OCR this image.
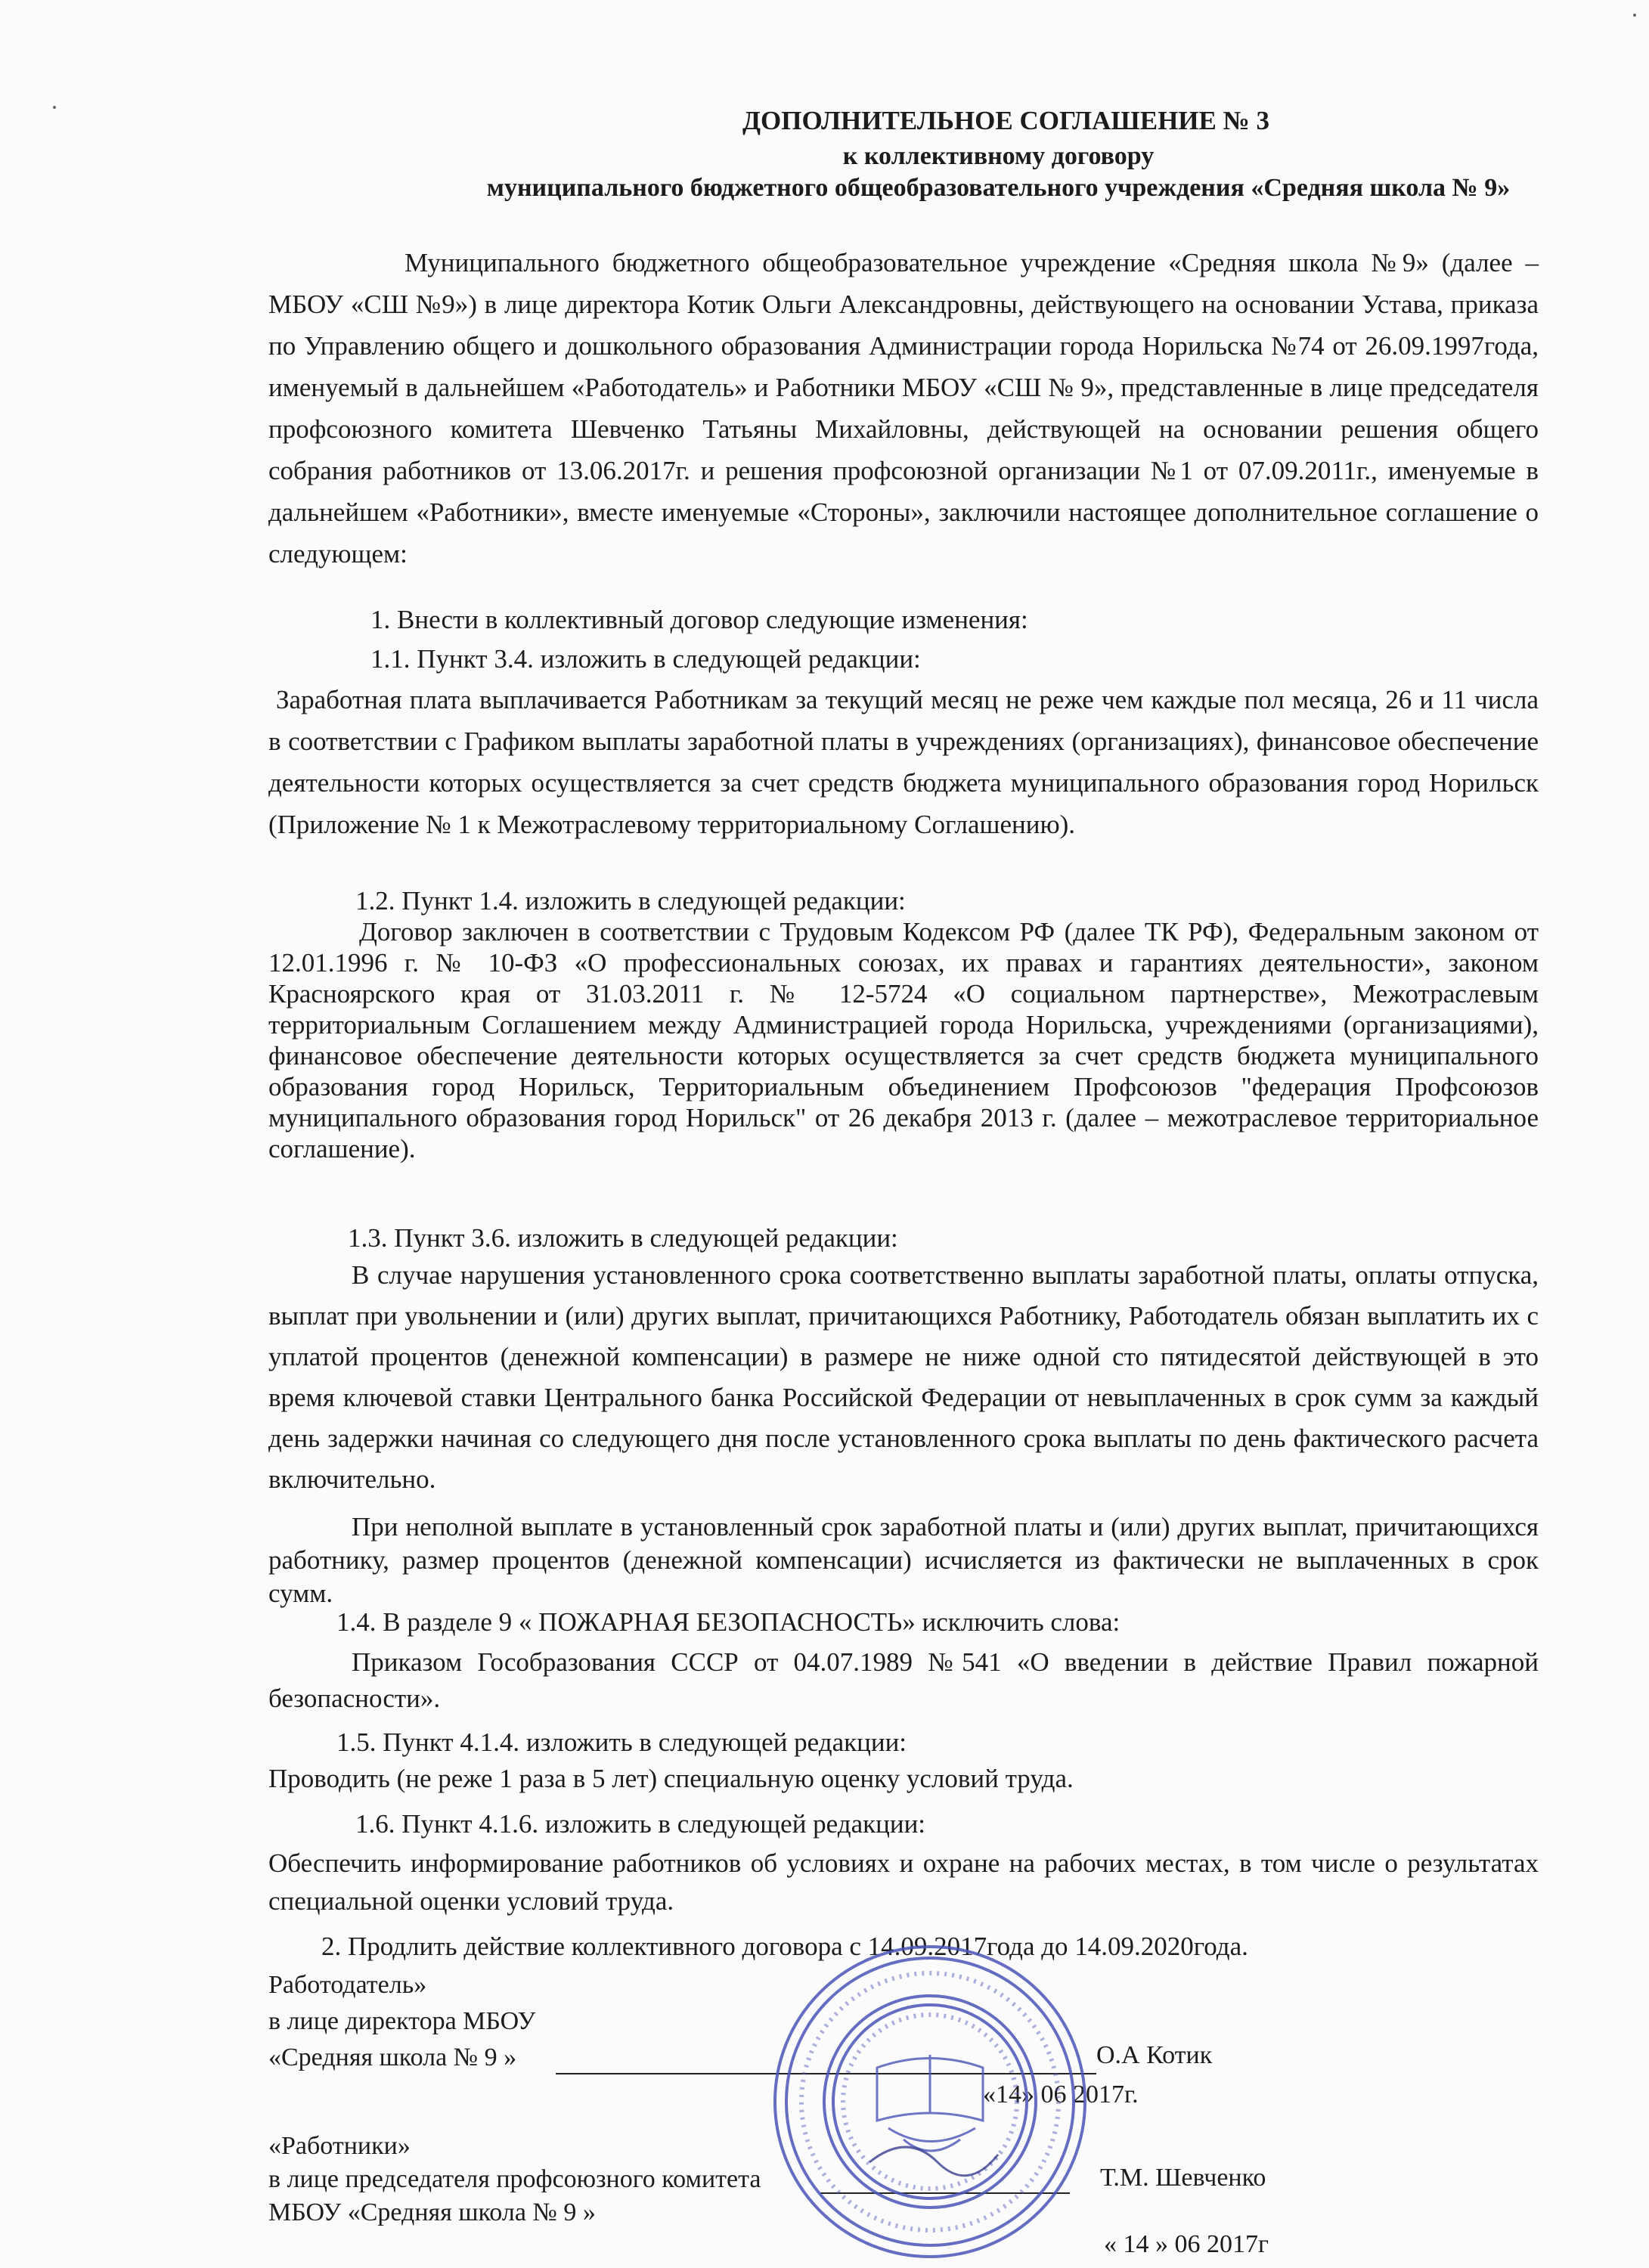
ДОПОЛНИТЕЛЬНОЕ СОГЛАШЕНИЕ № 3
к коллективному договору
муниципального бюджетного общеобразовательного учреждения «Средняя школа № 9»

Муниципального бюджетного общеобразовательное учреждение «Средняя школа №9» (далее – МБОУ «СШ №9») в лице директора Котик Ольги Александровны, действующего на основании Устава, приказа по Управлению общего и дошкольного образования Администрации города Норильска №74 от 26.09.1997года, именуемый в дальнейшем «Работодатель» и Работники МБОУ «СШ № 9», представленные в лице председателя профсоюзного комитета Шевченко Татьяны Михайловны, действующей на основании решения общего собрания работников от 13.06.2017г. и решения профсоюзной организации №1 от 07.09.2011г., именуемые в дальнейшем «Работники», вместе именуемые «Стороны», заключили настоящее дополнительное соглашение о следующем:

1. Внести в коллективный договор следующие изменения:
1.1. Пункт 3.4. изложить в следующей редакции:

Заработная плата выплачивается Работникам за текущий месяц не реже чем каждые пол месяца, 26 и 11 числа в соответствии с Графиком выплаты заработной платы в учреждениях (организациях), финансовое обеспечение деятельности которых осуществляется за счет средств бюджета муниципального образования город Норильск (Приложение № 1 к Межотраслевому территориальному Соглашению).

1.2. Пункт 1.4. изложить в следующей редакции:

Договор заключен в соответствии с Трудовым Кодексом РФ (далее ТК РФ), Федеральным законом от 12.01.1996 г. № 10-ФЗ «О профессиональных союзах, их правах и гарантиях деятельности», законом Красноярского края от 31.03.2011 г. № 12-5724 «О социальном партнерстве», Межотраслевым территориальным Соглашением между Администрацией города Норильска, учреждениями (организациями), финансовое обеспечение деятельности которых осуществляется за счет средств бюджета муниципального образования город Норильск, Территориальным объединением Профсоюзов "федерация Профсоюзов муниципального образования город Норильск" от 26 декабря 2013 г. (далее – межотраслевое территориальное соглашение).

1.3. Пункт 3.6. изложить в следующей редакции:

В случае нарушения установленного срока соответственно выплаты заработной платы, оплаты отпуска, выплат при увольнении и (или) других выплат, причитающихся Работнику, Работодатель обязан выплатить их с уплатой процентов (денежной компенсации) в размере не ниже одной сто пятидесятой действующей в это время ключевой ставки Центрального банка Российской Федерации от невыплаченных в срок сумм за каждый день задержки начиная со следующего дня после установленного срока выплаты по день фактического расчета включительно.

При неполной выплате в установленный срок заработной платы и (или) других выплат, причитающихся работнику, размер процентов (денежной компенсации) исчисляется из фактически не выплаченных в срок сумм.

1.4. В разделе 9 « ПОЖАРНАЯ БЕЗОПАСНОСТЬ» исключить слова:

Приказом Гособразования СССР от 04.07.1989 №541 «О введении в действие Правил пожарной безопасности».

1.5. Пункт 4.1.4. изложить в следующей редакции:
Проводить (не реже 1 раза в 5 лет) специальную оценку условий труда.
1.6. Пункт 4.1.6. изложить в следующей редакции:

Обеспечить информирование работников об условиях и охране на рабочих местах, в том числе о результатах специальной оценки условий труда.

2. Продлить действие коллективного договора с 14.09.2017года до 14.09.2020года.
Работодатель»
в лице директора МБОУ
«Средняя школа № 9 »	О.А Котик
«14» 06 2017г.
«Работники»
в лице председателя профсоюзного комитета
МБОУ «Средняя школа № 9 »
Т.М. Шевченко
« 14 » 06 2017г
